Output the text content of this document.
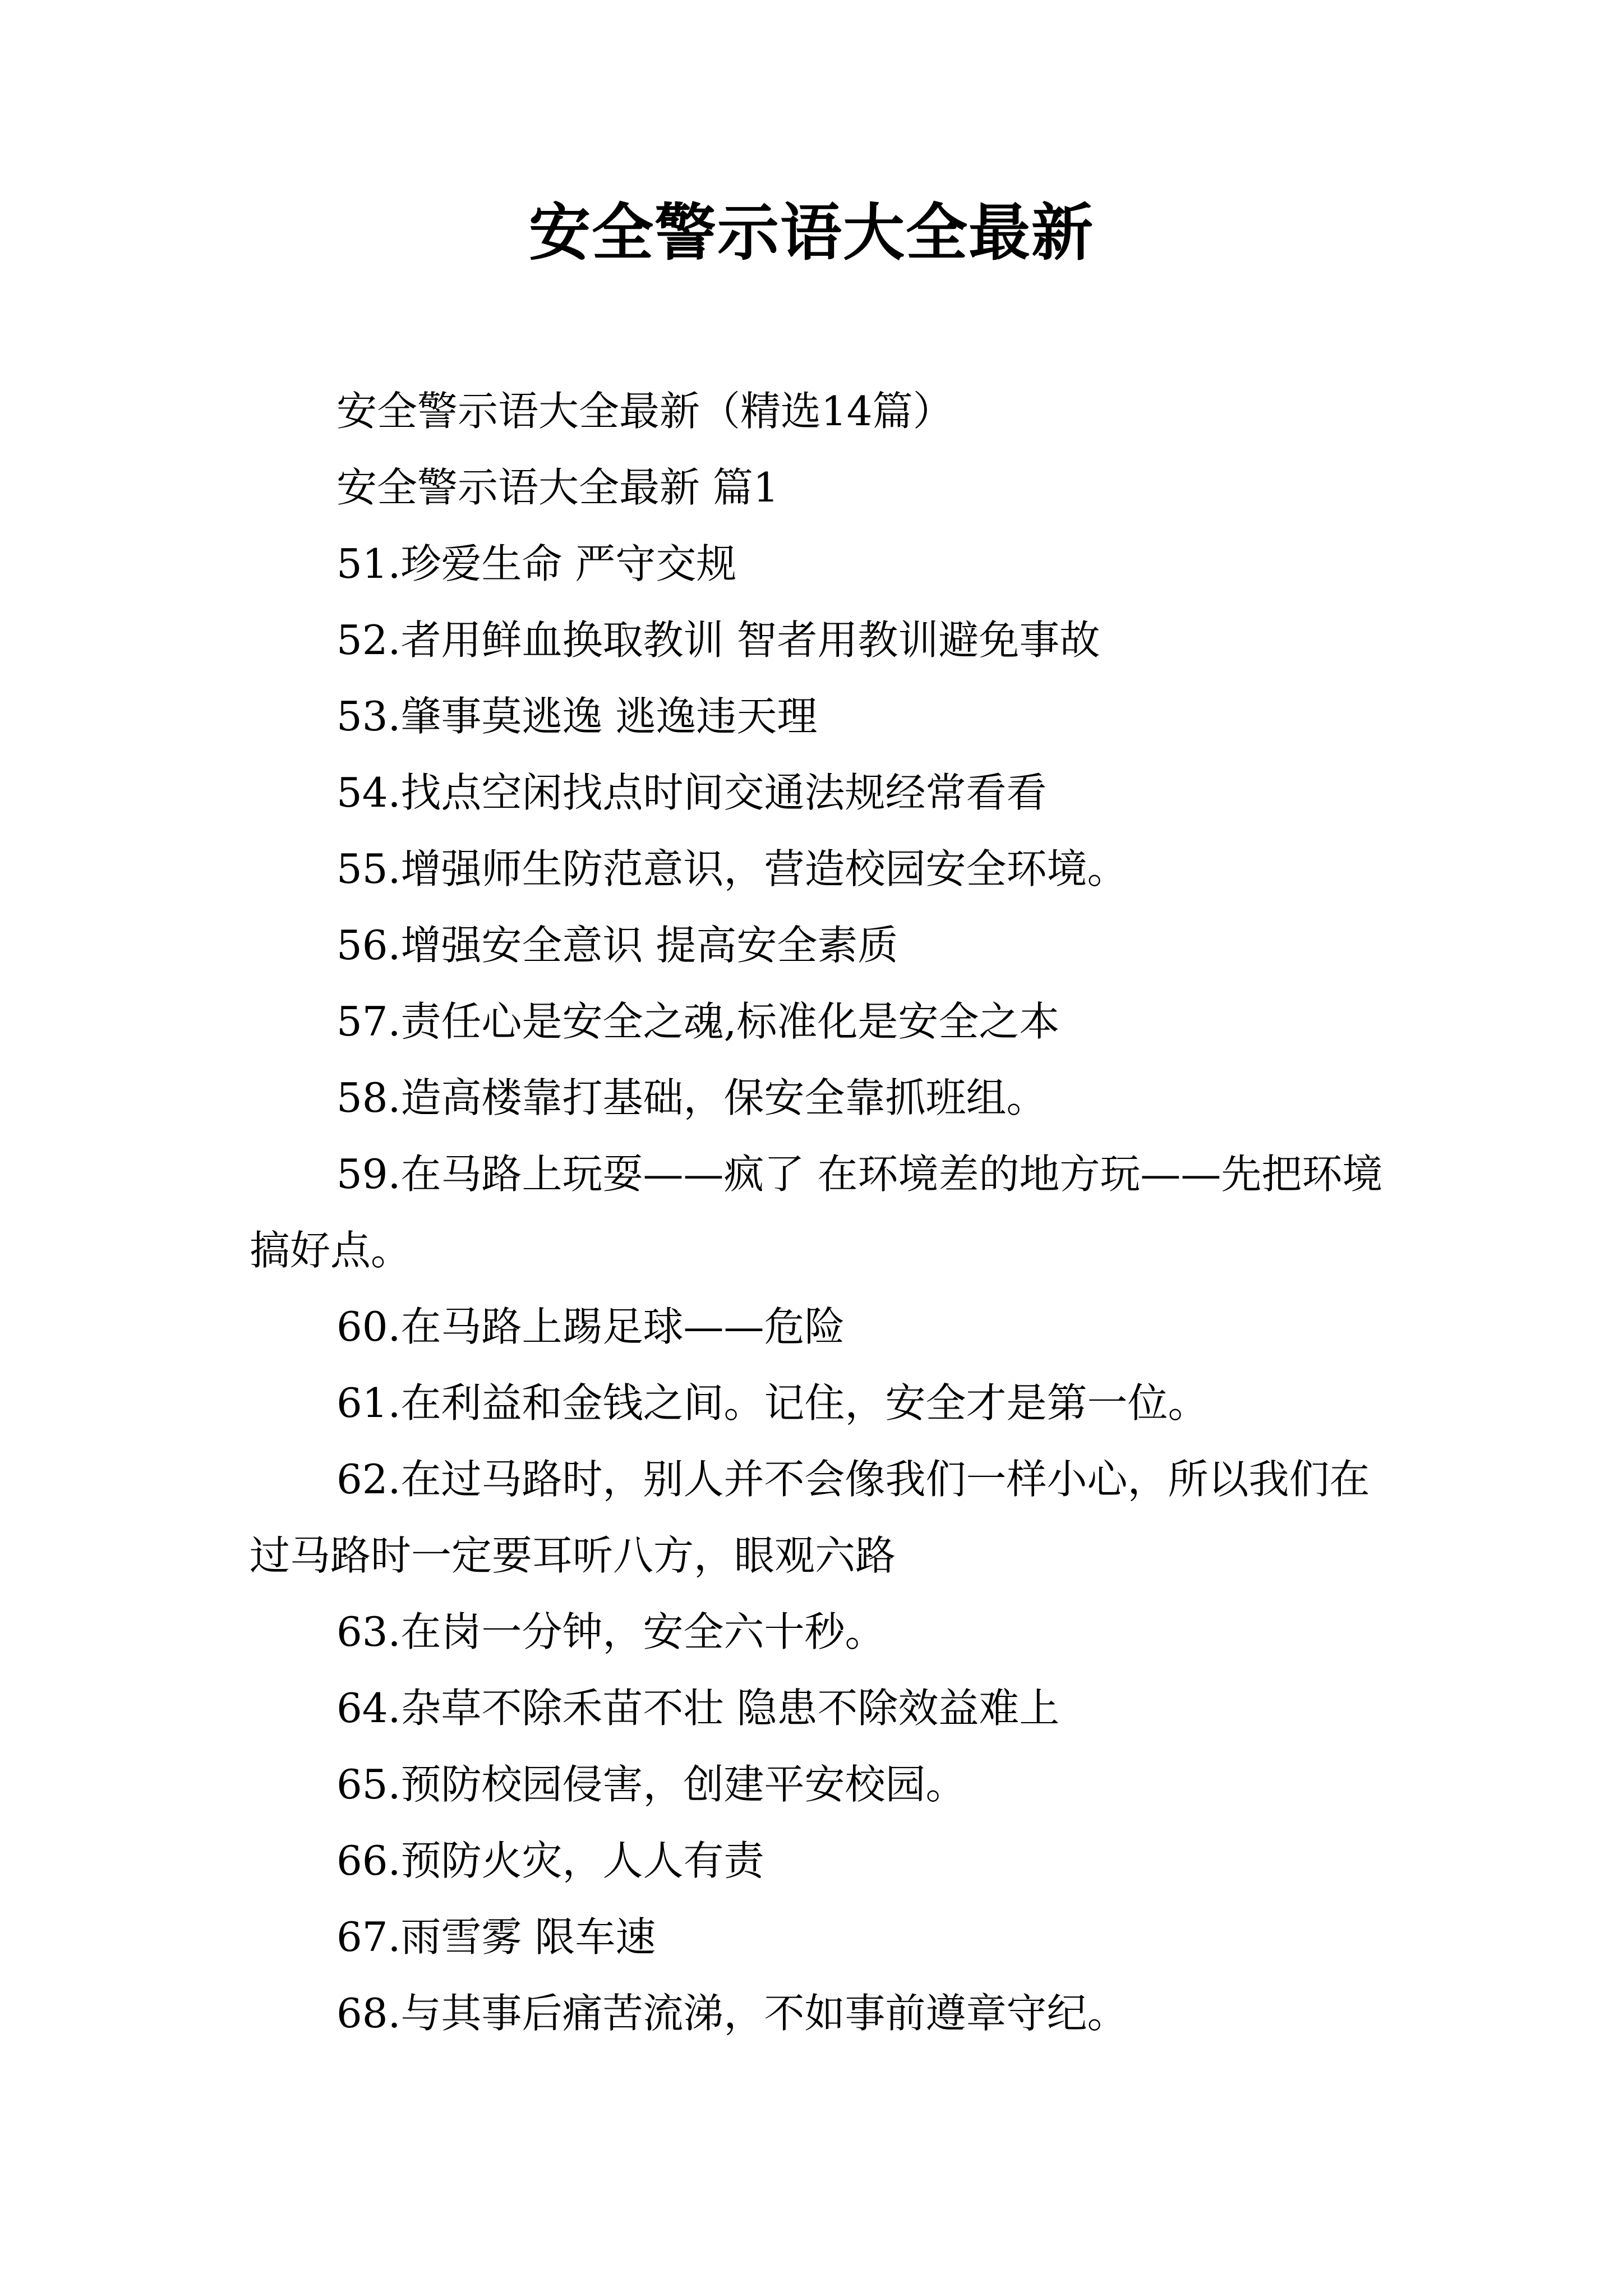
安全警示语大全最新

安全警示语大全最新（精选14篇）

安全警示语大全最新 篇1

51.珍爱生命 严守交规

52.者用鲜血换取教训 智者用教训避免事故

53.肇事莫逃逸 逃逸违天理

54.找点空闲找点时间交通法规经常看看

55.增强师生防范意识，营造校园安全环境。

56.增强安全意识 提高安全素质

57.责任心是安全之魂,标准化是安全之本

58.造高楼靠打基础，保安全靠抓班组。

59.在马路上玩耍——疯了 在环境差的地方玩——先把环境搞好点。

60.在马路上踢足球——危险

61.在利益和金钱之间。记住，安全才是第一位。

62.在过马路时，别人并不会像我们一样小心，所以我们在过马路时一定要耳听八方，眼观六路

63.在岗一分钟，安全六十秒。

64.杂草不除禾苗不壮 隐患不除效益难上

65.预防校园侵害，创建平安校园。

66.预防火灾，人人有责

67.雨雪雾 限车速

68.与其事后痛苦流涕，不如事前遵章守纪。
